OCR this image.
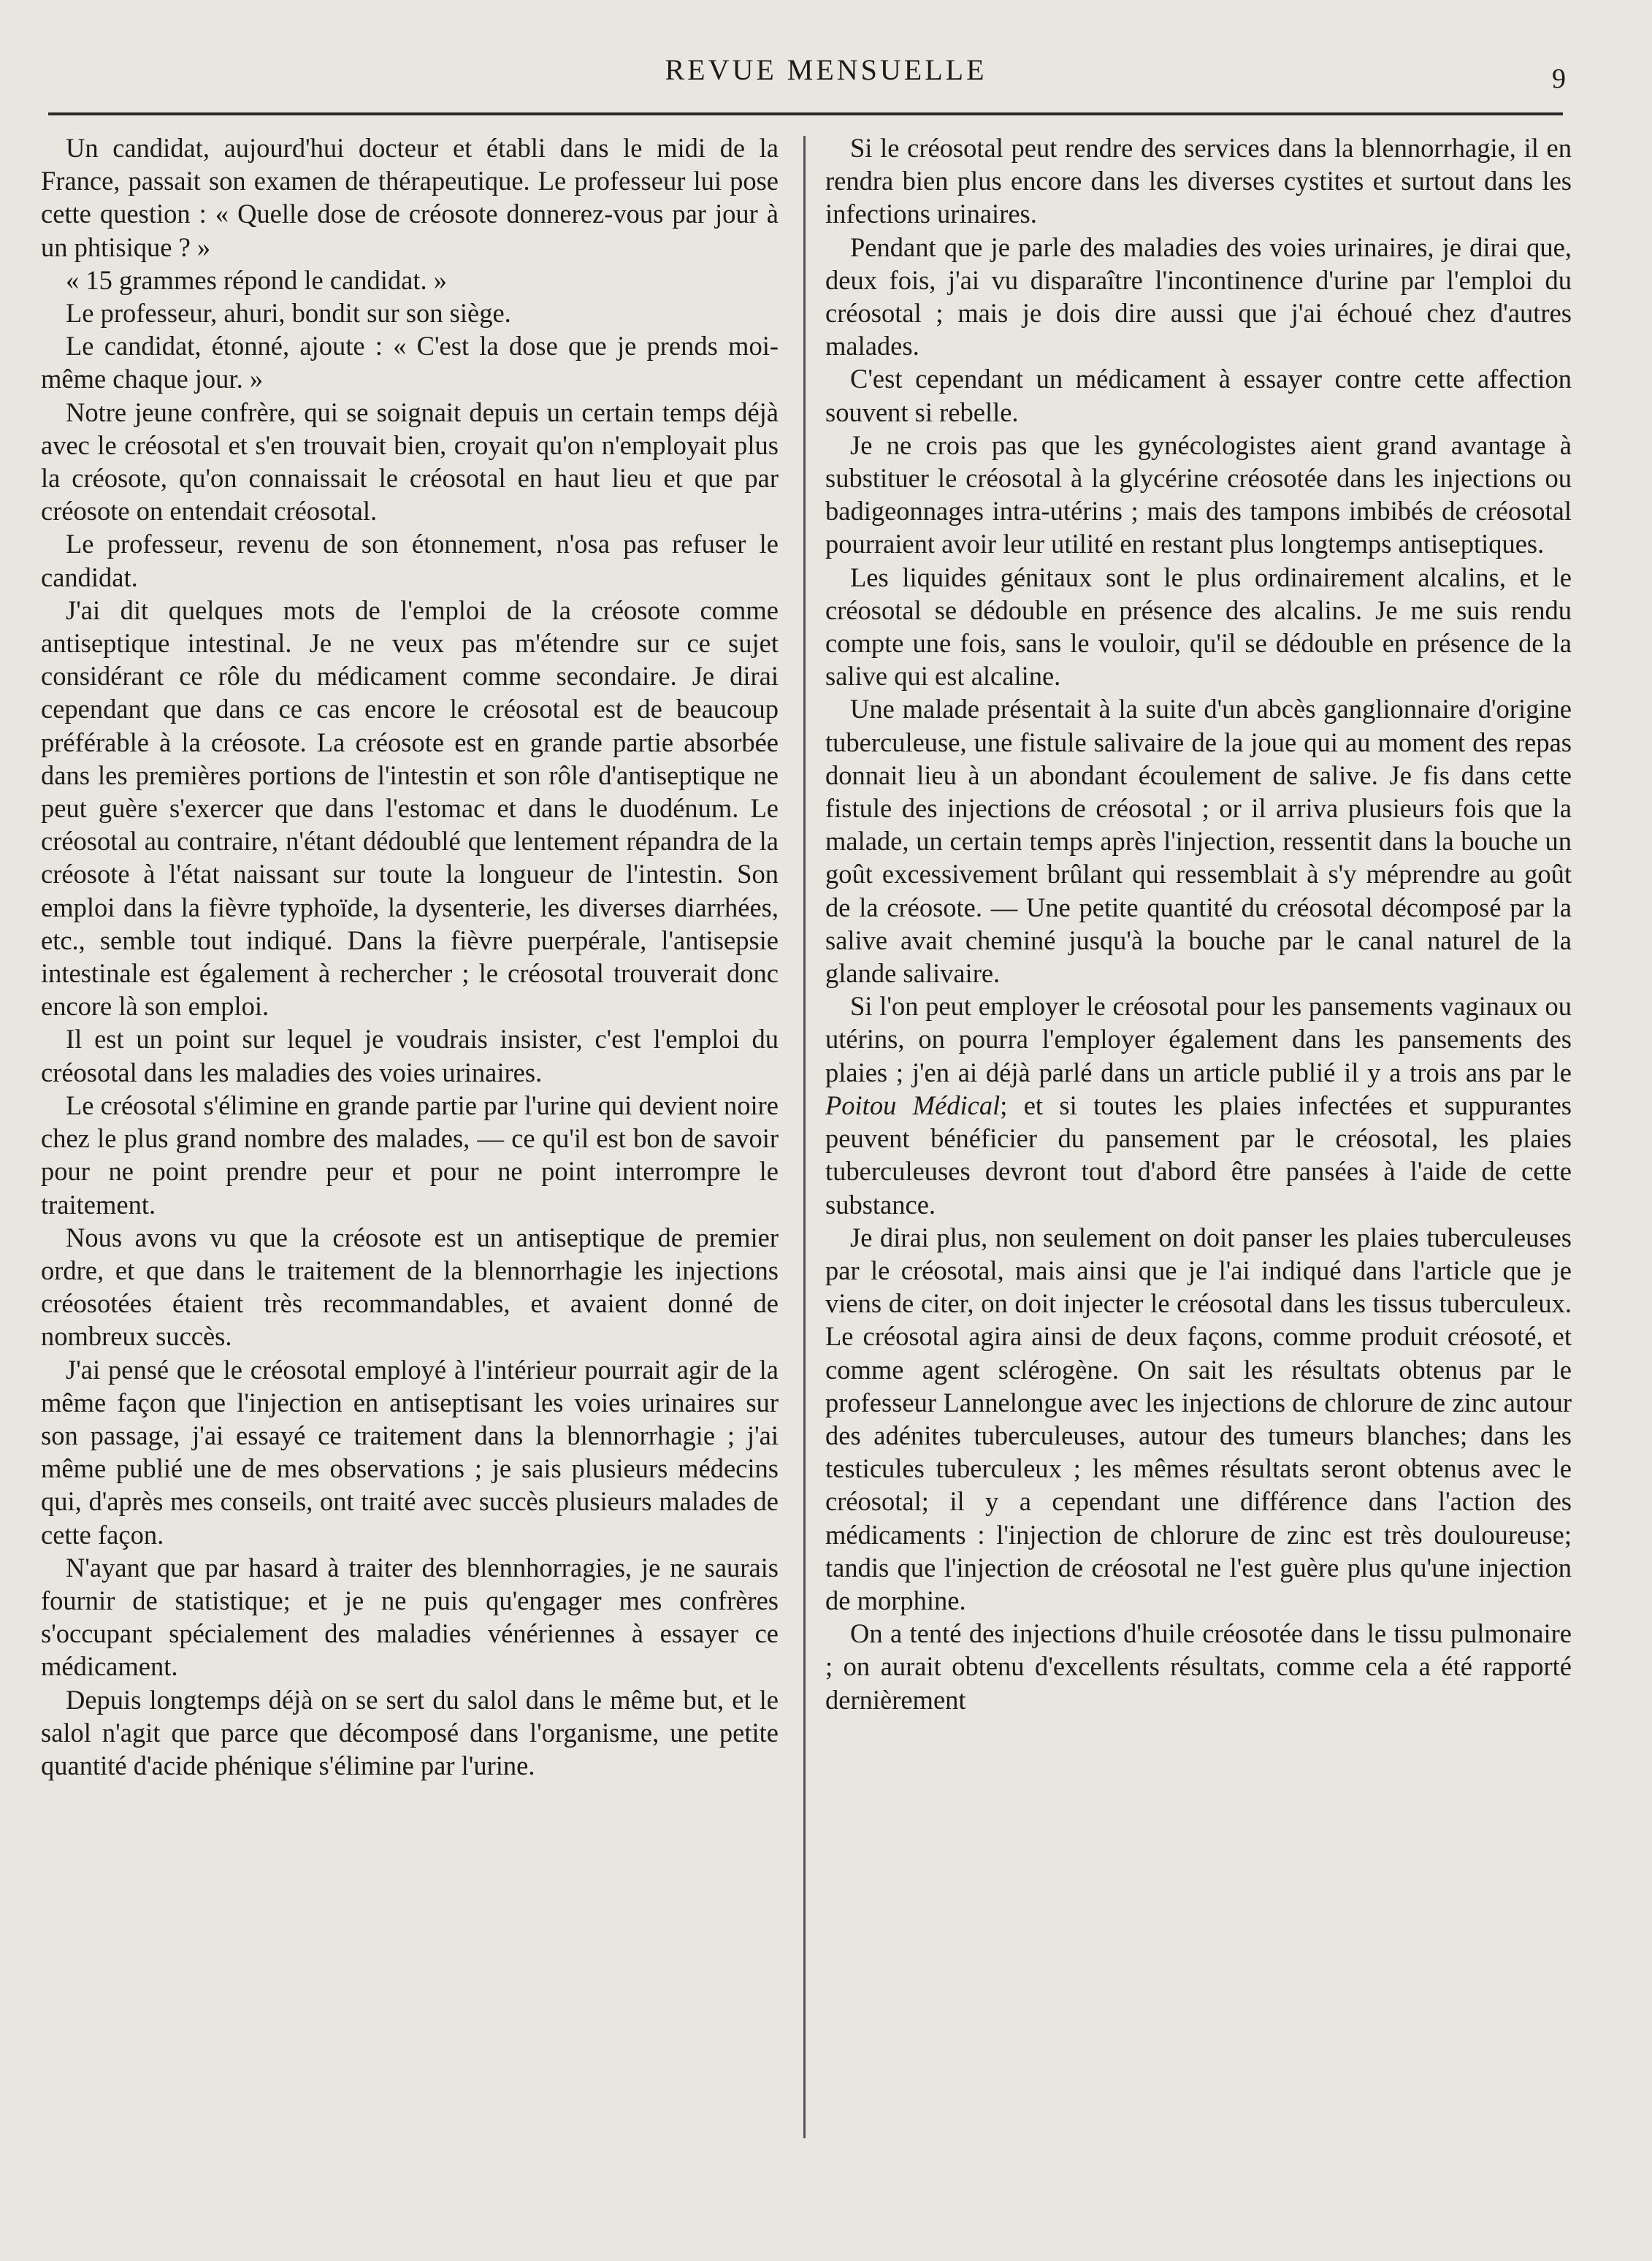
REVUE MENSUELLE	9

Un candidat, aujourd'hui docteur et établi dans le midi de la France, passait son examen de thérapeutique. Le professeur lui pose cette question : « Quelle dose de créosote donnerez-vous par jour à un phtisique ? »

« 15 grammes répond le candidat. »

Le professeur, ahuri, bondit sur son siège.

Le candidat, étonné, ajoute : « C'est la dose que je prends moi-même chaque jour. »

Notre jeune confrère, qui se soignait depuis un certain temps déjà avec le créosotal et s'en trouvait bien, croyait qu'on n'employait plus la créosote, qu'on connaissait le créosotal en haut lieu et que par créosote on entendait créosotal.

Le professeur, revenu de son étonnement, n'osa pas refuser le candidat.

J'ai dit quelques mots de l'emploi de la créosote comme antiseptique intestinal. Je ne veux pas m'étendre sur ce sujet considérant ce rôle du médicament comme secondaire. Je dirai cependant que dans ce cas encore le créosotal est de beaucoup préférable à la créosote. La créosote est en grande partie absorbée dans les premières portions de l'intestin et son rôle d'antiseptique ne peut guère s'exercer que dans l'estomac et dans le duodénum. Le créosotal au contraire, n'étant dédoublé que lentement répandra de la créosote à l'état naissant sur toute la longueur de l'intestin. Son emploi dans la fièvre typhoïde, la dysenterie, les diverses diarrhées, etc., semble tout indiqué. Dans la fièvre puerpérale, l'antisepsie intestinale est également à rechercher ; le créosotal trouverait donc encore là son emploi.

Il est un point sur lequel je voudrais insister, c'est l'emploi du créosotal dans les maladies des voies urinaires.

Le créosotal s'élimine en grande partie par l'urine qui devient noire chez le plus grand nombre des malades, — ce qu'il est bon de savoir pour ne point prendre peur et pour ne point interrompre le traitement.

Nous avons vu que la créosote est un antiseptique de premier ordre, et que dans le traitement de la blennorrhagie les injections créosotées étaient très recommandables, et avaient donné de nombreux succès.

J'ai pensé que le créosotal employé à l'intérieur pourrait agir de la même façon que l'injection en antiseptisant les voies urinaires sur son passage, j'ai essayé ce traitement dans la blennorrhagie ; j'ai même publié une de mes observations ; je sais plusieurs médecins qui, d'après mes conseils, ont traité avec succès plusieurs malades de cette façon.

N'ayant que par hasard à traiter des blennhorragies, je ne saurais fournir de statistique; et je ne puis qu'engager mes confrères s'occupant spécialement des maladies vénériennes à essayer ce médicament.

Depuis longtemps déjà on se sert du salol dans le même but, et le salol n'agit que parce que décomposé dans l'organisme, une petite quantité d'acide phénique s'élimine par l'urine.

Si le créosotal peut rendre des services dans la blennorrhagie, il en rendra bien plus encore dans les diverses cystites et surtout dans les infections urinaires.

Pendant que je parle des maladies des voies urinaires, je dirai que, deux fois, j'ai vu disparaître l'incontinence d'urine par l'emploi du créosotal ; mais je dois dire aussi que j'ai échoué chez d'autres malades.

C'est cependant un médicament à essayer contre cette affection souvent si rebelle.

Je ne crois pas que les gynécologistes aient grand avantage à substituer le créosotal à la glycérine créosotée dans les injections ou badigeonnages intra-utérins ; mais des tampons imbibés de créosotal pourraient avoir leur utilité en restant plus longtemps antiseptiques.

Les liquides génitaux sont le plus ordinairement alcalins, et le créosotal se dédouble en présence des alcalins. Je me suis rendu compte une fois, sans le vouloir, qu'il se dédouble en présence de la salive qui est alcaline.

Une malade présentait à la suite d'un abcès ganglionnaire d'origine tuberculeuse, une fistule salivaire de la joue qui au moment des repas donnait lieu à un abondant écoulement de salive. Je fis dans cette fistule des injections de créosotal ; or il arriva plusieurs fois que la malade, un certain temps après l'injection, ressentit dans la bouche un goût excessivement brûlant qui ressemblait à s'y méprendre au goût de la créosote. — Une petite quantité du créosotal décomposé par la salive avait cheminé jusqu'à la bouche par le canal naturel de la glande salivaire.

Si l'on peut employer le créosotal pour les pansements vaginaux ou utérins, on pourra l'employer également dans les pansements des plaies ; j'en ai déjà parlé dans un article publié il y a trois ans par le Poitou Médical; et si toutes les plaies infectées et suppurantes peuvent bénéficier du pansement par le créosotal, les plaies tuberculeuses devront tout d'abord être pansées à l'aide de cette substance.

Je dirai plus, non seulement on doit panser les plaies tuberculeuses par le créosotal, mais ainsi que je l'ai indiqué dans l'article que je viens de citer, on doit injecter le créosotal dans les tissus tuberculeux. Le créosotal agira ainsi de deux façons, comme produit créosoté, et comme agent sclérogène. On sait les résultats obtenus par le professeur Lannelongue avec les injections de chlorure de zinc autour des adénites tuberculeuses, autour des tumeurs blanches; dans les testicules tuberculeux ; les mêmes résultats seront obtenus avec le créosotal; il y a cependant une différence dans l'action des médicaments : l'injection de chlorure de zinc est très douloureuse; tandis que l'injection de créosotal ne l'est guère plus qu'une injection de morphine.

On a tenté des injections d'huile créosotée dans le tissu pulmonaire ; on aurait obtenu d'excellents résultats, comme cela a été rapporté dernièrement
